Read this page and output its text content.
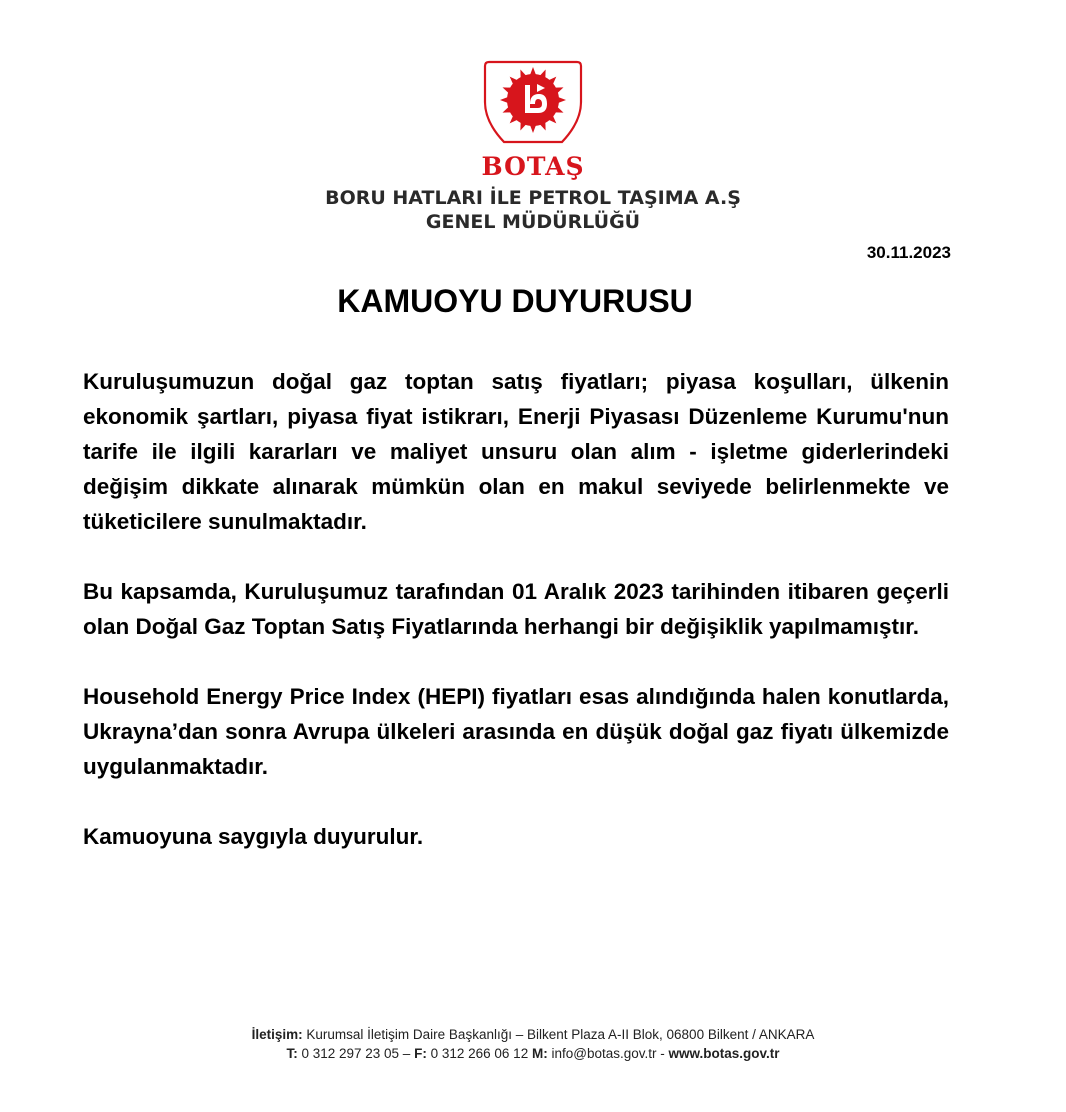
BOTAŞ
BORU HATLARI İLE PETROL TAŞIMA A.Ş
GENEL MÜDÜRLÜĞÜ
30.11.2023
KAMUOYU DUYURUSU

Kuruluşumuzun doğal gaz toptan satış fiyatları; piyasa koşulları, ülkenin ekonomik şartları, piyasa fiyat istikrarı, Enerji Piyasası Düzenleme Kurumu'nun tarife ile ilgili kararları ve maliyet unsuru olan alım - işletme giderlerindeki değişim dikkate alınarak mümkün olan en makul seviyede belirlenmekte ve tüketicilere sunulmaktadır.

Bu kapsamda, Kuruluşumuz tarafından 01 Aralık 2023 tarihinden itibaren geçerli olan Doğal Gaz Toptan Satış Fiyatlarında herhangi bir değişiklik yapılmamıştır.

Household Energy Price Index (HEPI) fiyatları esas alındığında halen konutlarda, Ukrayna’dan sonra Avrupa ülkeleri arasında en düşük doğal gaz fiyatı ülkemizde uygulanmaktadır.

Kamuoyuna saygıyla duyurulur.

İletişim: Kurumsal İletişim Daire Başkanlığı – Bilkent Plaza A-II Blok, 06800 Bilkent / ANKARA
T: 0 312 297 23 05 – F: 0 312 266 06 12 M: info@botas.gov.tr - www.botas.gov.tr
